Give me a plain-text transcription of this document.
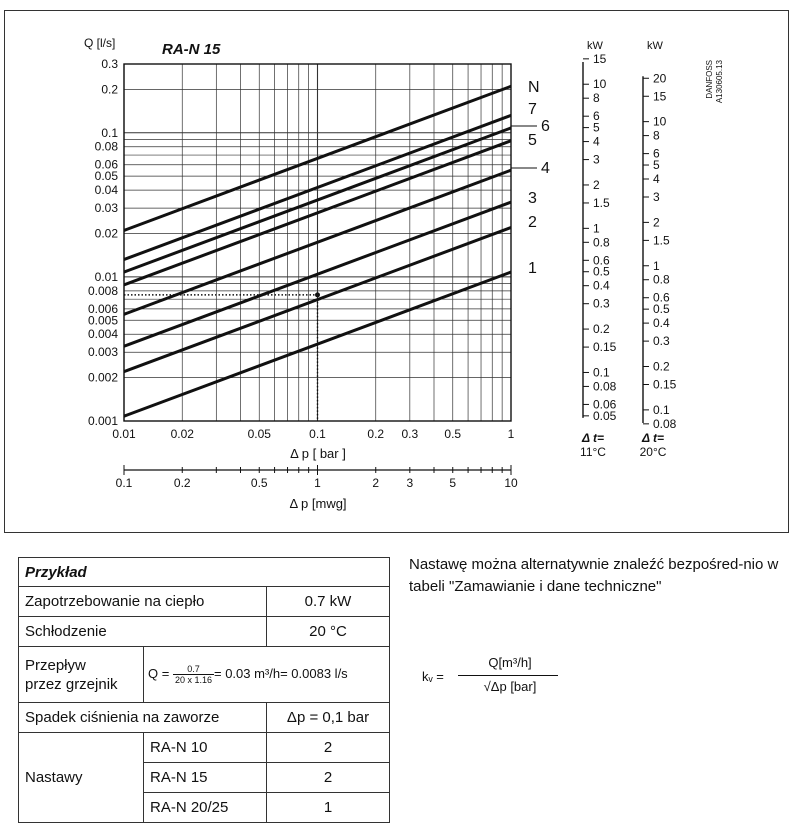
0.3
0.2
0.1
0.08
0.06
0.05
0.04
0.03
0.02
0.01
0.008
0.006
0.005
0.004
0.003
0.002
0.001
0.01	0.02	0.05	0.1	0.2 0.3 0.5	1
Q [l/s]	RA-N 15
Δ p [ bar ]
0.1	0.2	0.5	1	2 3	5	10
Δ p [mwg]
N
7
6
5
4
3
2
1
15
10
8
6
5
4
3
2
1.5
1
0.8
0.6
0.5
0.4
0.3
0.2
0.15
0.1
0.08
0.06
0.05
kW
Δ t=
11°C
20
15
10
8
6
5
4
3
2
1.5
1
0.8
0.6
0.5
0.4
0.3
0.2
0.15
0.1
0.08
kW
Δ t=
20°C
DANFOSS A130605.13
Przykład		
Zapotrzebowanie na ciepło		0.7 kW
Schłodzenie		20 °C
Przepływ
przez grzejnik	$Q = \frac{0.7}{20 x 1.16} = 0.03$ m³/h= 0.0083 l/s	
Spadek ciśnienia na zaworze		Δp = 0,1 bar
Nastawy	RA-N 10	2
	RA-N 15	2
	RA-N 20/25	1
Nastawę można alternatywnie znaleźć bezpośred-nio w tabeli "Zamawianie i dane techniczne"
kᵥ =
Q[m³/h]
√Δp [bar]
